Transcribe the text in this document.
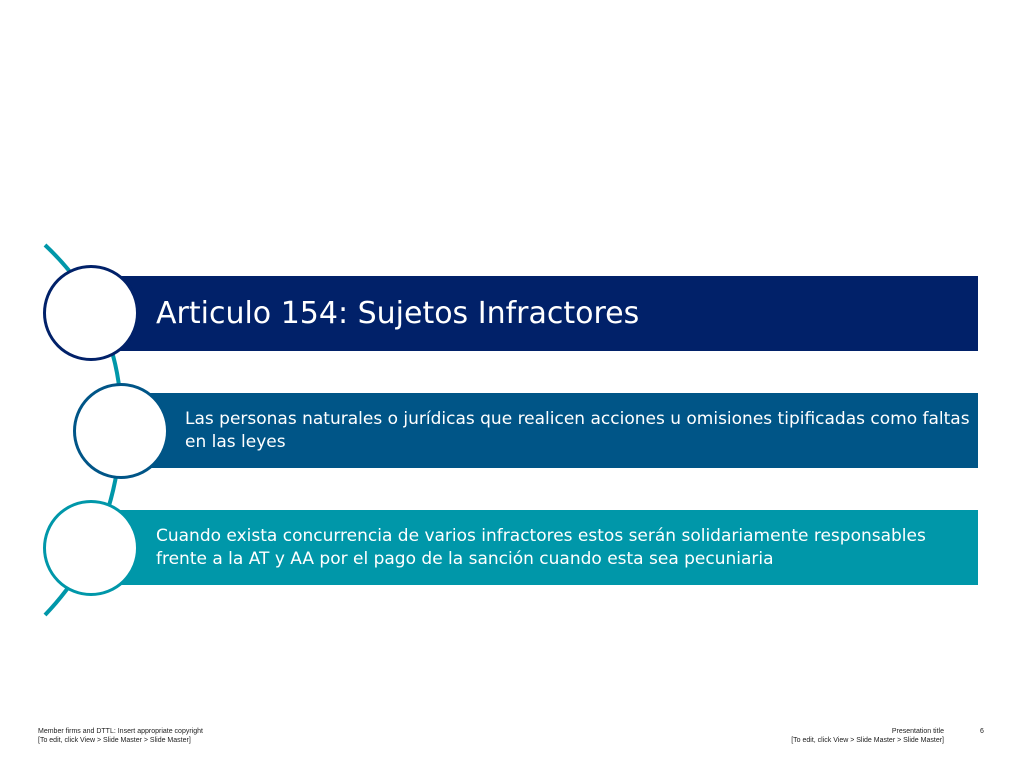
Articulo 154: Sujetos Infractores
Las personas naturales o jurídicas que realicen acciones u omisiones tipificadas como faltas en las leyes
Cuando exista concurrencia de varios infractores estos serán solidariamente responsables frente a la AT y AA por el pago de la sanción cuando esta sea pecuniaria
Member firms and DTTL: Insert appropriate copyright
[To edit, click View > Slide Master > Slide Master]
Presentation title
[To edit, click View > Slide Master > Slide Master]
6
